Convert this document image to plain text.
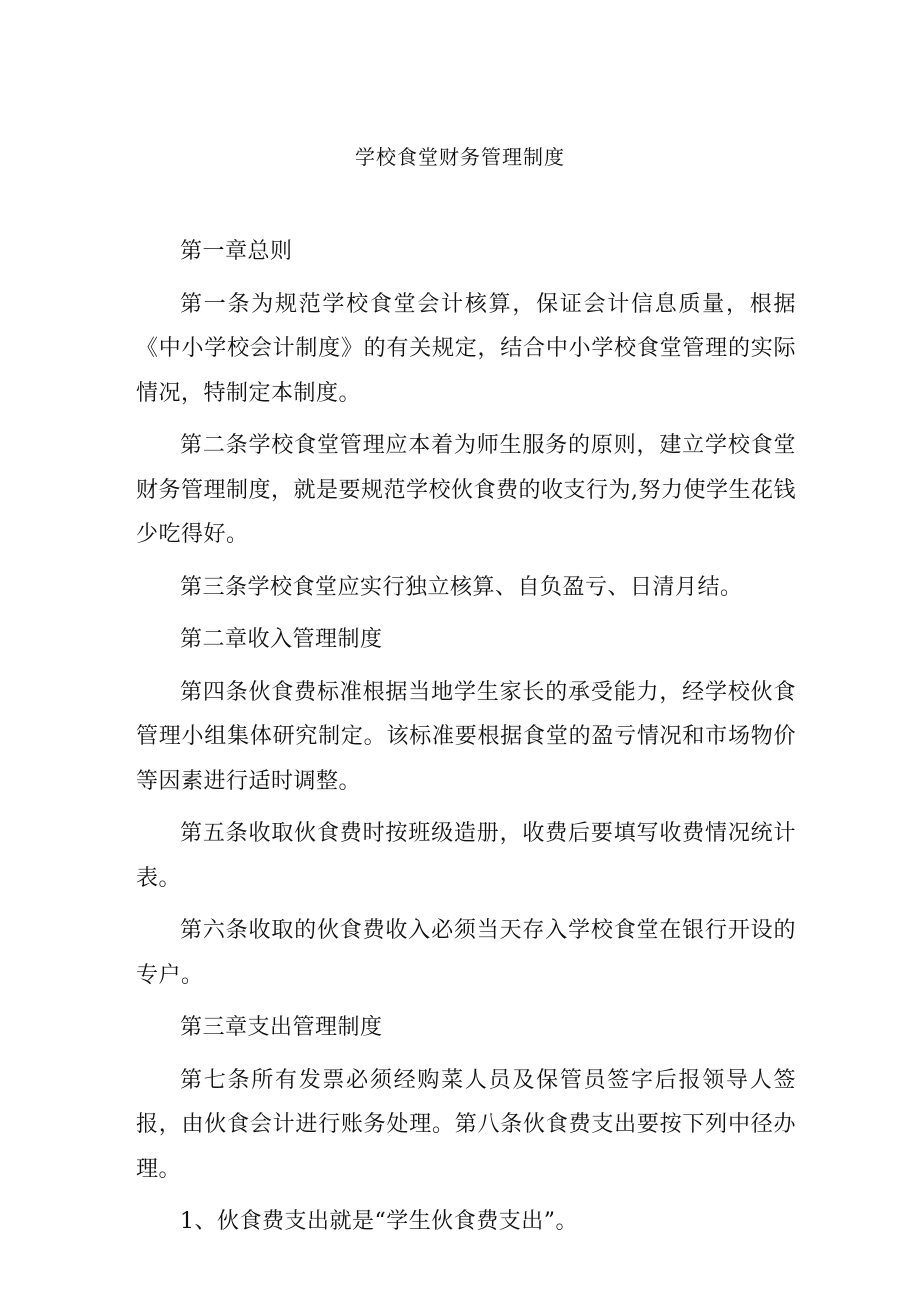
学校食堂财务管理制度

第一章总则

第一条为规范学校食堂会计核算，保证会计信息质量，根据《中小学校会计制度》的有关规定，结合中小学校食堂管理的实际情况，特制定本制度。

第二条学校食堂管理应本着为师生服务的原则，建立学校食堂财务管理制度，就是要规范学校伙食费的收支行为,努力使学生花钱少吃得好。

第三条学校食堂应实行独立核算、自负盈亏、日清月结。

第二章收入管理制度

第四条伙食费标准根据当地学生家长的承受能力，经学校伙食管理小组集体研究制定。该标准要根据食堂的盈亏情况和市场物价等因素进行适时调整。

第五条收取伙食费时按班级造册，收费后要填写收费情况统计表。

第六条收取的伙食费收入必须当天存入学校食堂在银行开设的专户。

第三章支出管理制度

第七条所有发票必须经购菜人员及保管员签字后报领导人签报，由伙食会计进行账务处理。第八条伙食费支出要按下列中径办理。

1、伙食费支出就是“学生伙食费支出”。
